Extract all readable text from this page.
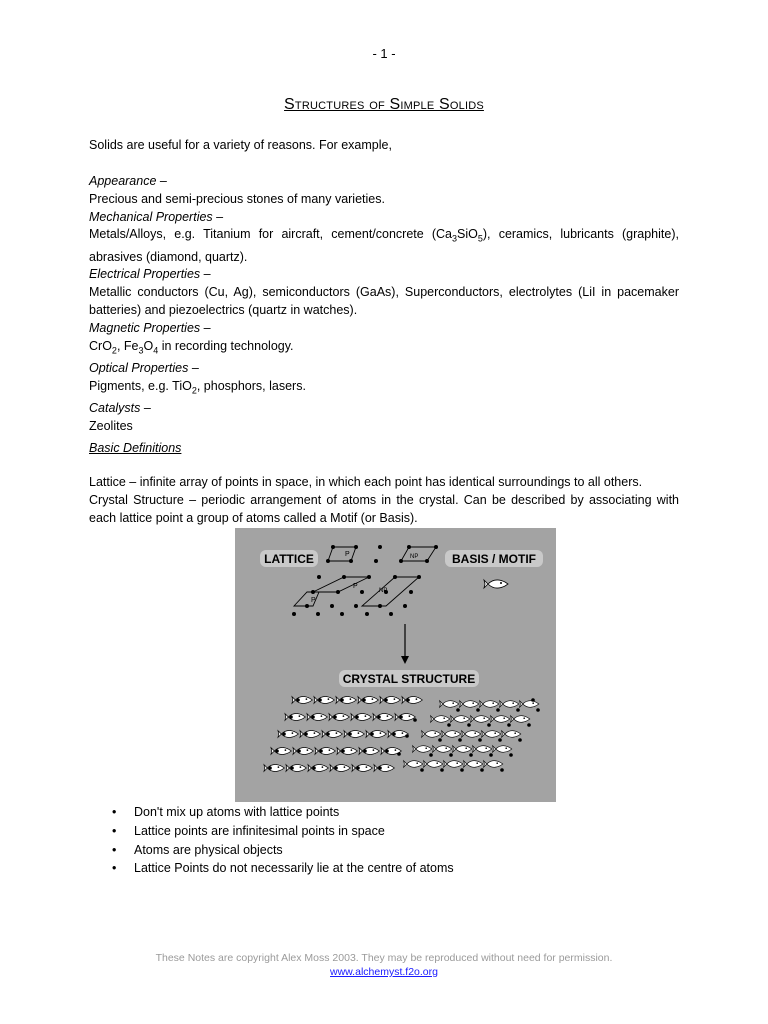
- 1 -
Structures of Simple Solids
Solids are useful for a variety of reasons. For example,

Appearance –

Precious and semi-precious stones of many varieties.

Mechanical Properties –

Metals/Alloys, e.g. Titanium for aircraft, cement/concrete $(Ca_3SiO_5)$, ceramics, lubricants (graphite), abrasives (diamond, quartz).

Electrical Properties –

Metallic conductors (Cu, Ag), semiconductors (GaAs), Superconductors, electrolytes (LiI in pacemaker batteries) and piezoelectrics (quartz in watches).

Magnetic Properties –

CrO$_2$, $Fe_3O_4$ in recording technology.

Optical Properties –

Pigments, e.g. TiO$_2$, phosphors, lasers.

Catalysts –

Zeolites

Basic Definitions

Lattice – infinite array of points in space, in which each point has identical surroundings to all others.

Crystal Structure – periodic arrangement of atoms in the crystal. Can be described by associating with each lattice point a group of atoms called a Motif (or Basis).

LATTICE	BASIS / MOTIF
P	NP
P
NP
P
CRYSTAL STRUCTURE
• Don't mix up atoms with lattice points
• Lattice points are infinitesimal points in space
• Atoms are physical objects
• Lattice Points do not necessarily lie at the centre of atoms
These Notes are copyright Alex Moss 2003. They may be reproduced without need for permission.
www.alchemyst.f2o.org
